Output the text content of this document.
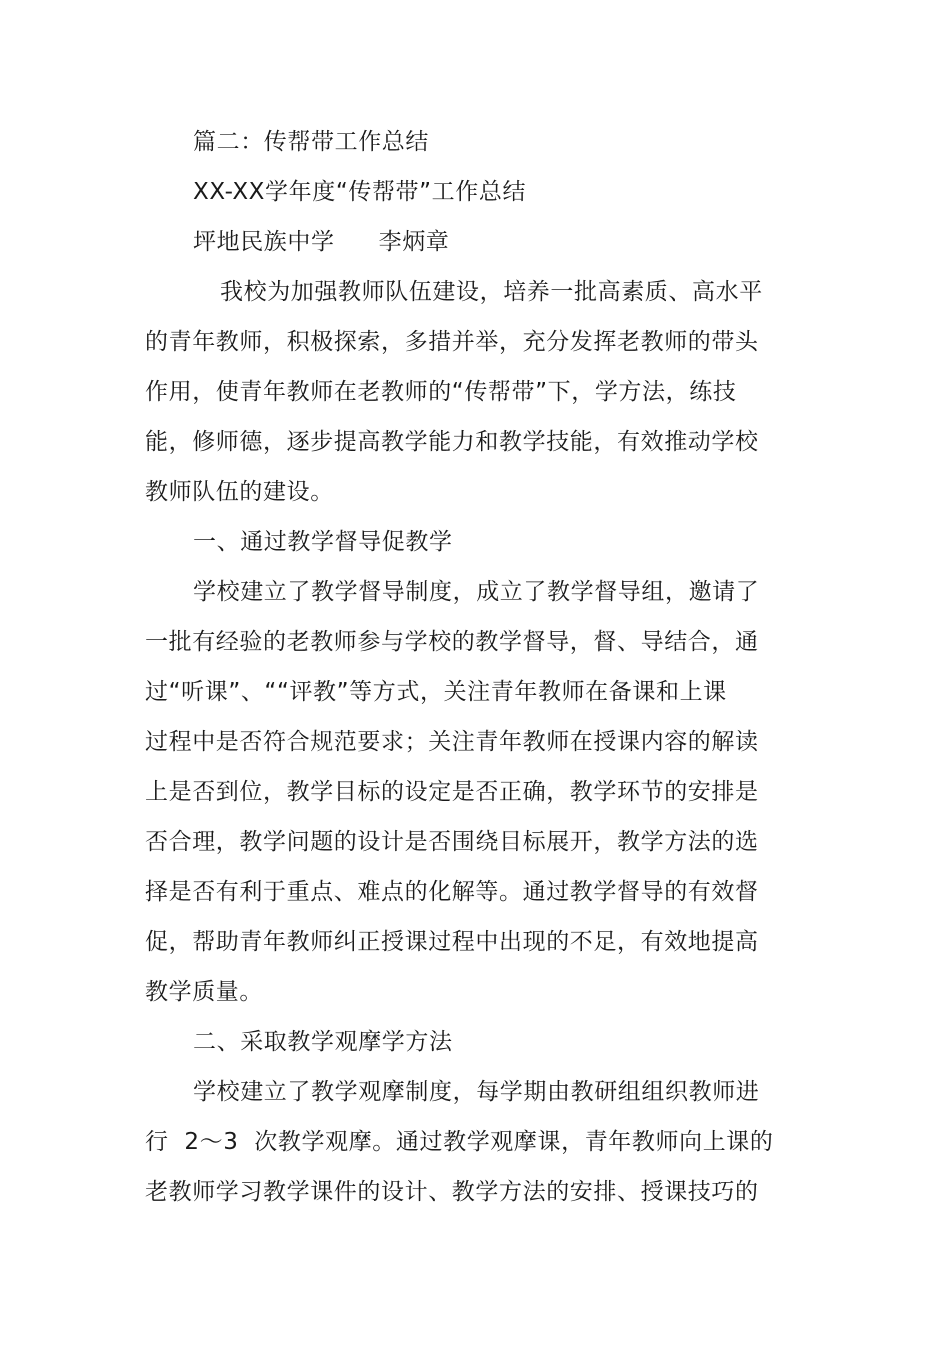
篇二：传帮带工作总结
XX-XX学年度“传帮带”工作总结
坪地民族中学 李炳章
我校为加强教师队伍建设，培养一批高素质、高水平
的青年教师，积极探索，多措并举，充分发挥老教师的带头
作用，使青年教师在老教师的“传帮带”下，学方法，练技
能，修师德，逐步提高教学能力和教学技能，有效推动学校
教师队伍的建设。
一、通过教学督导促教学
学校建立了教学督导制度，成立了教学督导组，邀请了
一批有经验的老教师参与学校的教学督导，督、导结合，通
过“听课”、““评教”等方式，关注青年教师在备课和上课
过程中是否符合规范要求；关注青年教师在授课内容的解读
上是否到位，教学目标的设定是否正确，教学环节的安排是
否合理，教学问题的设计是否围绕目标展开，教学方法的选
择是否有利于重点、难点的化解等。通过教学督导的有效督
促，帮助青年教师纠正授课过程中出现的不足，有效地提高
教学质量。
二、采取教学观摩学方法
学校建立了教学观摩制度，每学期由教研组组织教师进
行  2～3  次教学观摩。通过教学观摩课，青年教师向上课的
老教师学习教学课件的设计、教学方法的安排、授课技巧的
